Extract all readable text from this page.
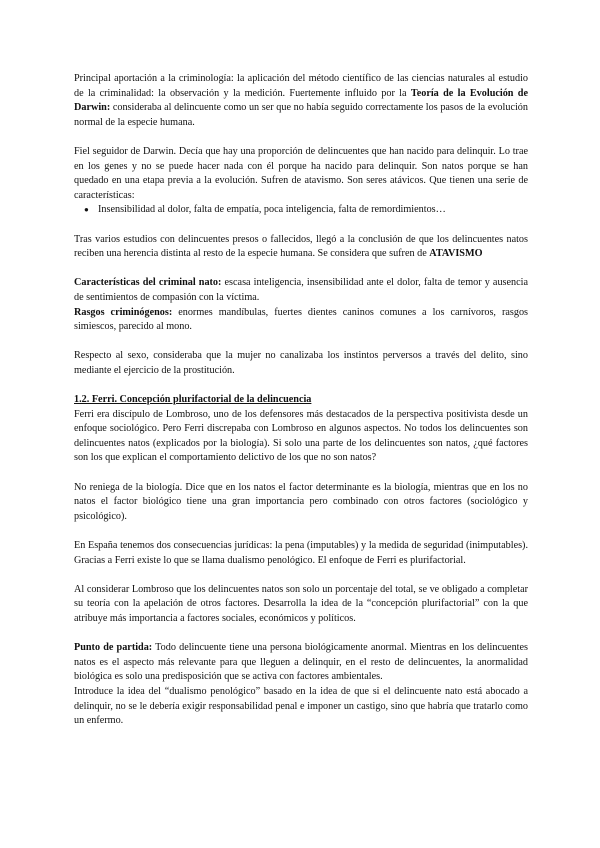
Principal aportación a la criminología: la aplicación del método científico de las ciencias naturales al estudio de la criminalidad: la observación y la medición. Fuertemente influido por la Teoría de la Evolución de Darwin: consideraba al delincuente como un ser que no había seguido correctamente los pasos de la evolución normal de la especie humana.

Fiel seguidor de Darwin. Decía que hay una proporción de delincuentes que han nacido para delinquir. Lo trae en los genes y no se puede hacer nada con él porque ha nacido para delinquir. Son natos porque se han quedado en una etapa previa a la evolución. Sufren de atavismo. Son seres atávicos. Que tienen una serie de características:

● Insensibilidad al dolor, falta de empatía, poca inteligencia, falta de remordimientos…

Tras varios estudios con delincuentes presos o fallecidos, llegó a la conclusión de que los delincuentes natos reciben una herencia distinta al resto de la especie humana. Se considera que sufren de ATAVISMO

Características del criminal nato: escasa inteligencia, insensibilidad ante el dolor, falta de temor y ausencia de sentimientos de compasión con la víctima.

Rasgos criminógenos: enormes mandíbulas, fuertes dientes caninos comunes a los carnívoros, rasgos simiescos, parecido al mono.

Respecto al sexo, consideraba que la mujer no canalizaba los instintos perversos a través del delito, sino mediante el ejercicio de la prostitución.

1.2. Ferri. Concepción plurifactorial de la delincuencia

Ferri era discípulo de Lombroso, uno de los defensores más destacados de la perspectiva positivista desde un enfoque sociológico. Pero Ferri discrepaba con Lombroso en algunos aspectos. No todos los delincuentes son delincuentes natos (explicados por la biología). Si solo una parte de los delincuentes son natos, ¿qué factores son los que explican el comportamiento delictivo de los que no son natos?

No reniega de la biología. Dice que en los natos el factor determinante es la biología, mientras que en los no natos el factor biológico tiene una gran importancia pero combinado con otros factores (sociológico y psicológico).

En España tenemos dos consecuencias jurídicas: la pena (imputables) y la medida de seguridad (inimputables). Gracias a Ferri existe lo que se llama dualismo penológico. El enfoque de Ferri es plurifactorial.

Al considerar Lombroso que los delincuentes natos son solo un porcentaje del total, se ve obligado a completar su teoría con la apelación de otros factores. Desarrolla la idea de la “concepción plurifactorial” con la que atribuye más importancia a factores sociales, económicos y políticos.

Punto de partida: Todo delincuente tiene una persona biológicamente anormal. Mientras en los delincuentes natos es el aspecto más relevante para que lleguen a delinquir, en el resto de delincuentes, la anormalidad biológica es solo una predisposición que se activa con factores ambientales.

Introduce la idea del “dualismo penológico” basado en la idea de que si el delincuente nato está abocado a delinquir, no se le debería exigir responsabilidad penal e imponer un castigo, sino que habría que tratarlo como un enfermo.
